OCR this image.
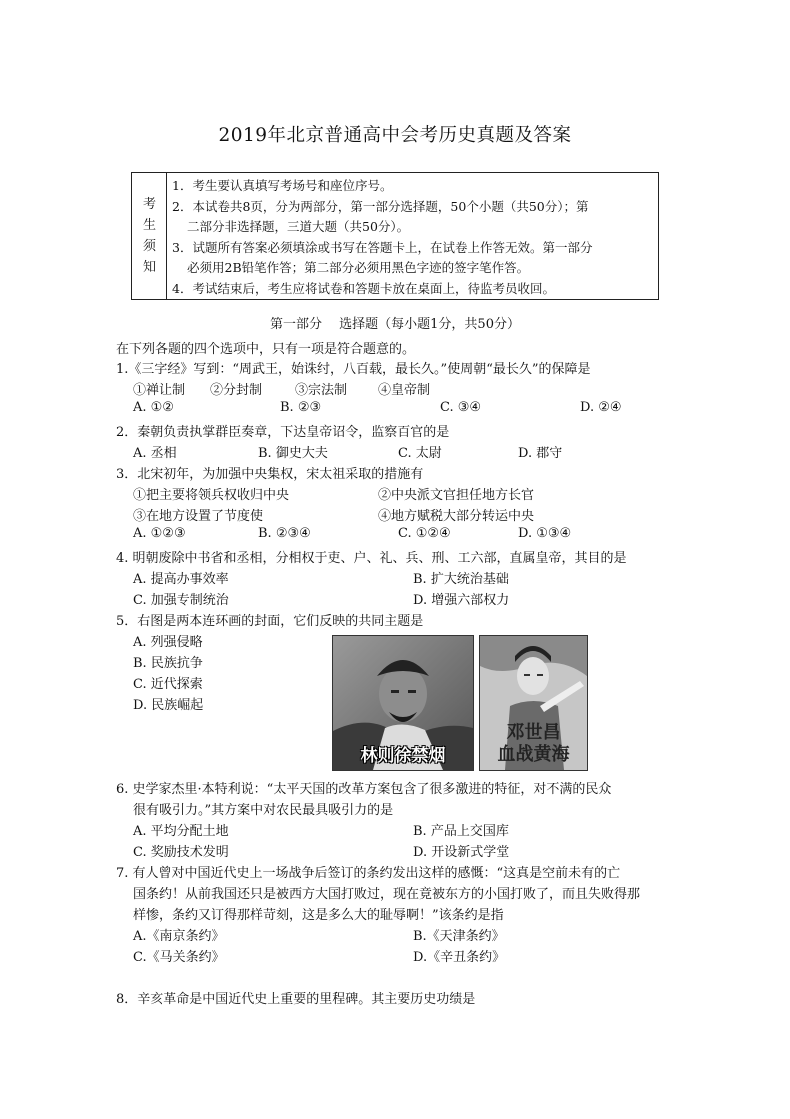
2019年北京普通高中会考历史真题及答案
考
生
须
知
1．考生要认真填写考场号和座位序号。
2．本试卷共8页，分为两部分，第一部分选择题，50个小题（共50分）；第
二部分非选择题，三道大题（共50分）。
3．试题所有答案必须填涂或书写在答题卡上，在试卷上作答无效。第一部分
必须用2B铅笔作答；第二部分必须用黑色字迹的签字笔作答。
4．考试结束后，考生应将试卷和答题卡放在桌面上，待监考员收回。
第一部分　 选择题（每小题1分，共50分）
在下列各题的四个选项中，只有一项是符合题意的。
1.《三字经》写到：“周武王，始诛纣，八百载，最长久。”使周朝“最长久”的保障是
①禅让制 ②分封制	③宗法制 ④皇帝制
A. ①②	B. ②③	C. ③④	D. ②④
2．秦朝负责执掌群臣奏章，下达皇帝诏令，监察百官的是
A. 丞相	B. 御史大夫	C. 太尉	D. 郡守
3．北宋初年，为加强中央集权，宋太祖采取的措施有
①把主要将领兵权收归中央	②中央派文官担任地方长官
③在地方设置了节度使	④地方赋税大部分转运中央
A. ①②③	B. ②③④	C. ①②④	D. ①③④
4. 明朝废除中书省和丞相，分相权于吏、户、礼、兵、刑、工六部，直属皇帝，其目的是
A. 提高办事效率	B. 扩大统治基础
C. 加强专制统治	D. 增强六部权力
5．右图是两本连环画的封面，它们反映的共同主题是
A. 列强侵略
B. 民族抗争
C. 近代探索
D. 民族崛起
林则徐禁烟
邓世昌
血战黄海
6. 史学家杰里·本特利说：“太平天国的改革方案包含了很多激进的特征，对不满的民众
很有吸引力。”其方案中对农民最具吸引力的是
A. 平均分配土地	B. 产品上交国库
C. 奖励技术发明	D. 开设新式学堂
7. 有人曾对中国近代史上一场战争后签订的条约发出这样的感慨：“这真是空前未有的亡
国条约！从前我国还只是被西方大国打败过，现在竟被东方的小国打败了，而且失败得那
样惨，条约又订得那样苛刻，这是多么大的耻辱啊！”该条约是指
A.《南京条约》	B.《天津条约》
C.《马关条约》	D.《辛丑条约》
8．辛亥革命是中国近代史上重要的里程碑。其主要历史功绩是
